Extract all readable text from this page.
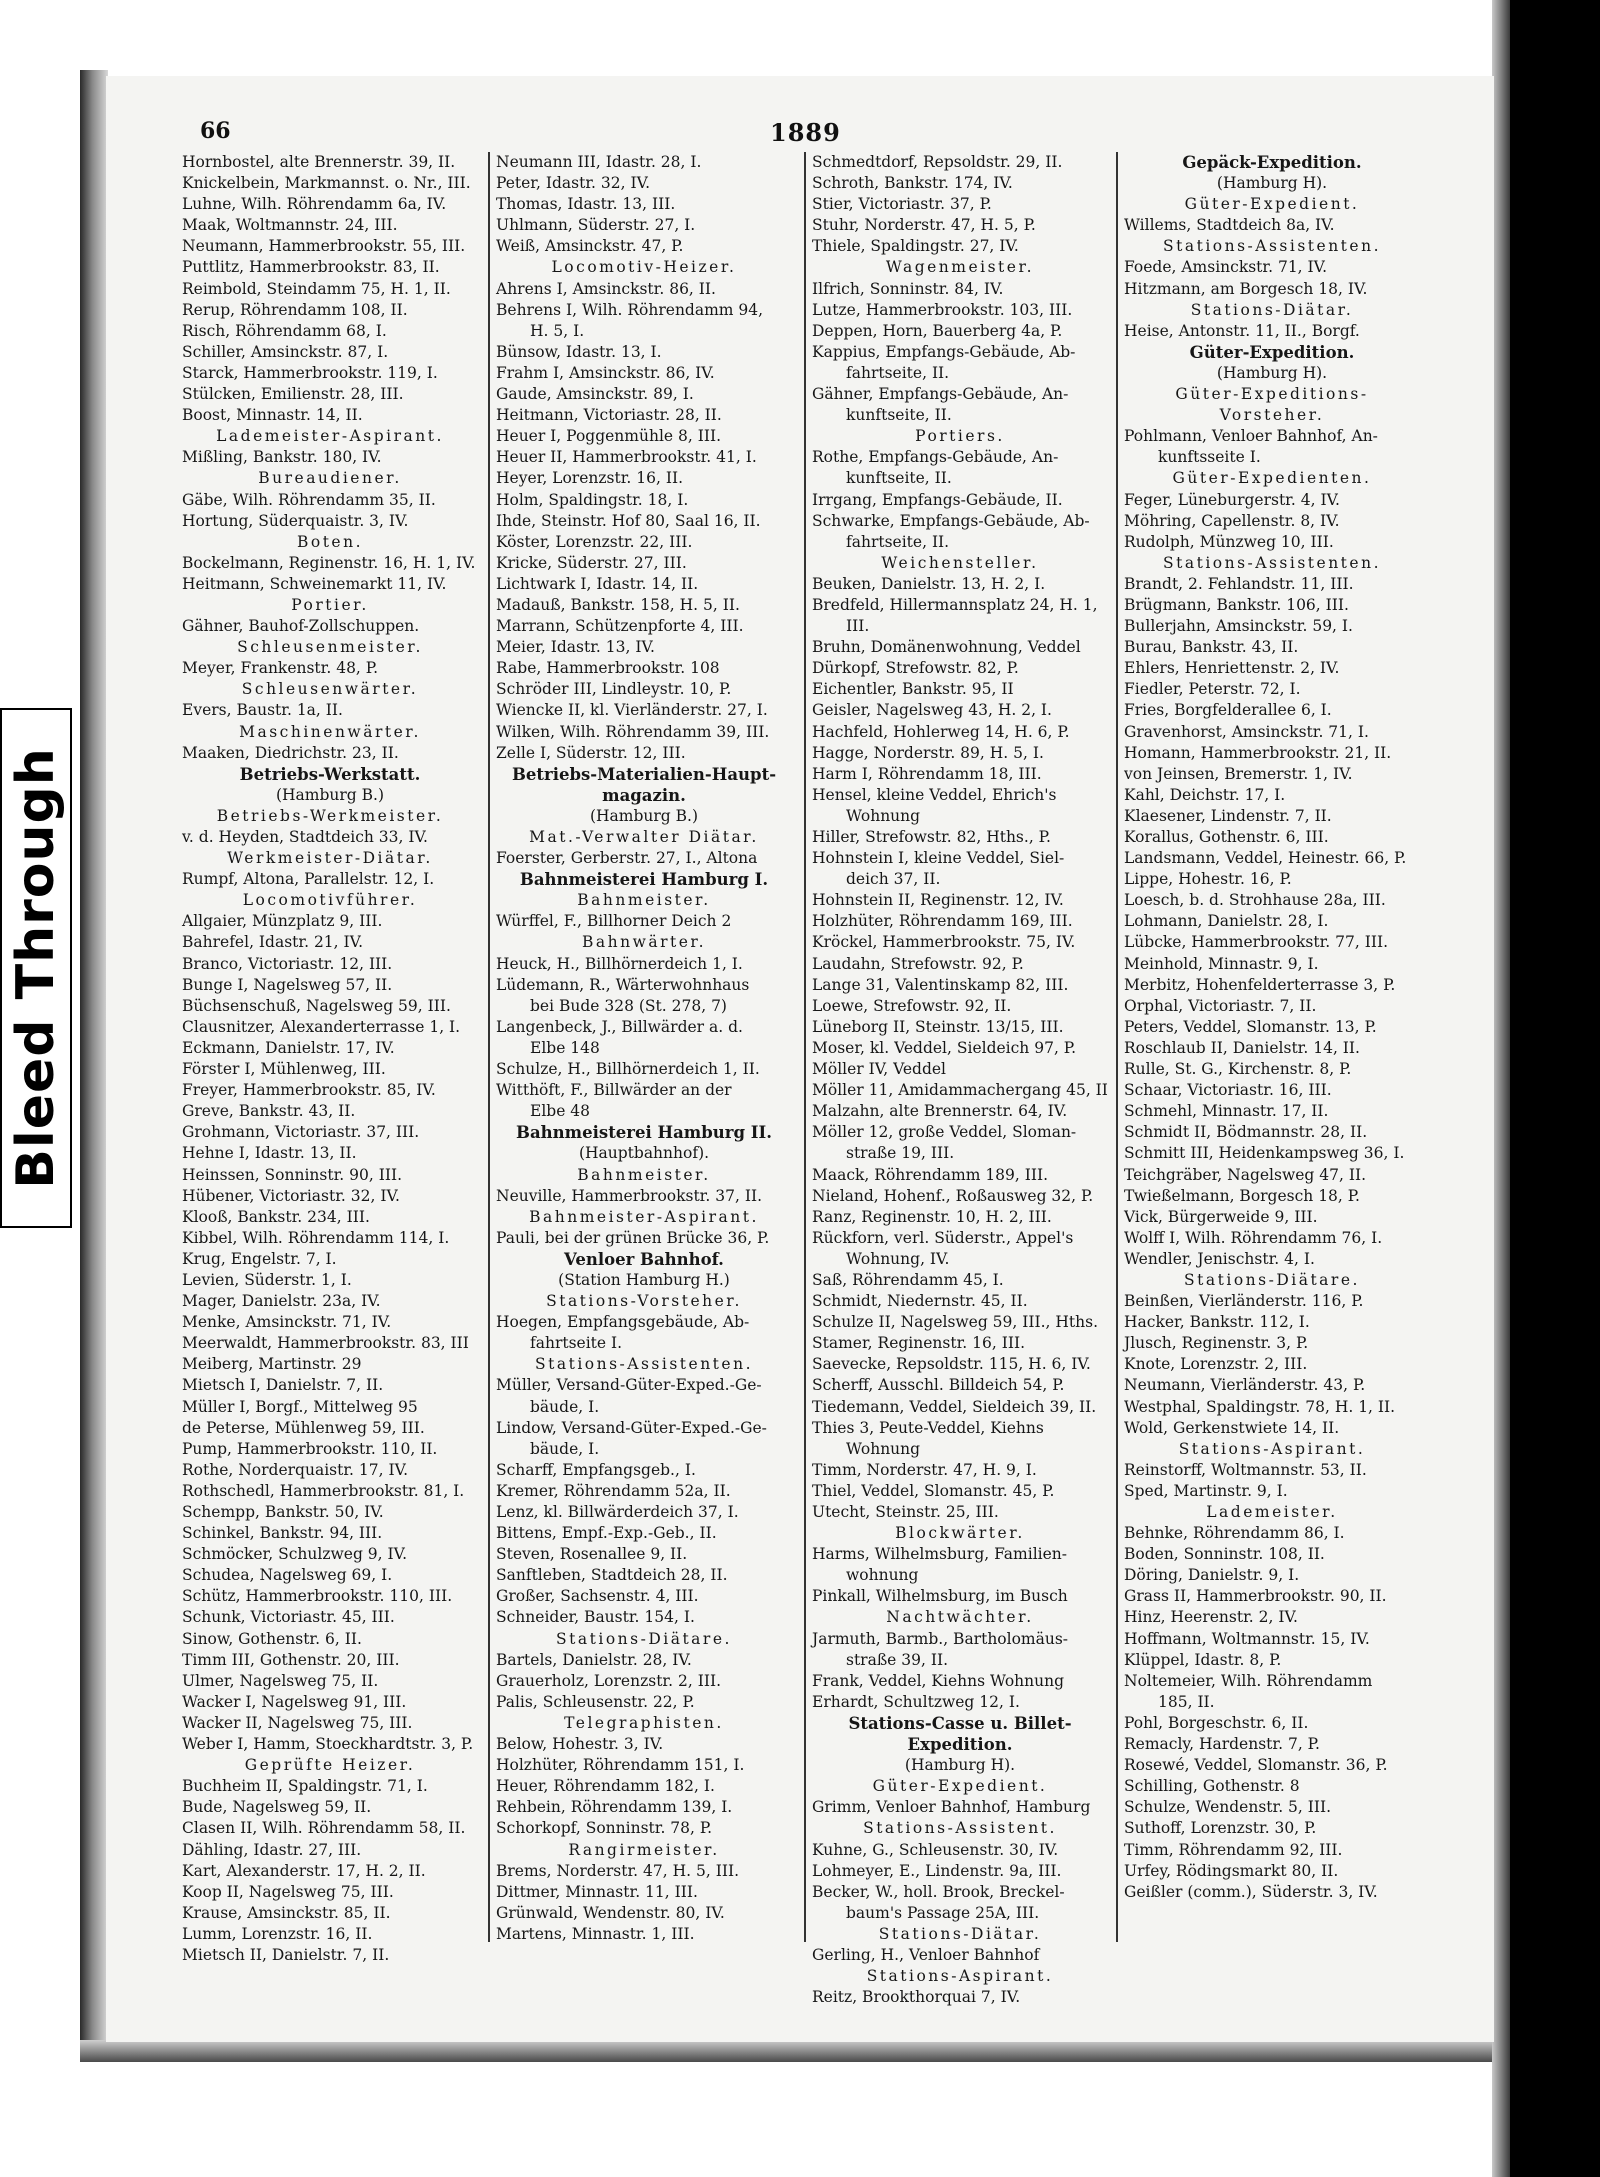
Bleed Through
66	1889
Hornbostel, alte Brennerstr. 39, II.
Knickelbein, Markmannst. o. Nr., III.
Luhne, Wilh. Röhrendamm 6a, IV.
Maak, Woltmannstr. 24, III.
Neumann, Hammerbrookstr. 55, III.
Puttlitz, Hammerbrookstr. 83, II.
Reimbold, Steindamm 75, H. 1, II.
Rerup, Röhrendamm 108, II.
Risch, Röhrendamm 68, I.
Schiller, Amsinckstr. 87, I.
Starck, Hammerbrookstr. 119, I.
Stülcken, Emilienstr. 28, III.
Boost, Minnastr. 14, II.
Lademeister-Aspirant.
Mißling, Bankstr. 180, IV.
Bureaudiener.
Gäbe, Wilh. Röhrendamm 35, II.
Hortung, Süderquaistr. 3, IV.
Boten.
Bockelmann, Reginenstr. 16, H. 1, IV.
Heitmann, Schweinemarkt 11, IV.
Portier.
Gähner, Bauhof-Zollschuppen.
Schleusenmeister.
Meyer, Frankenstr. 48, P.
Schleusenwärter.
Evers, Baustr. 1a, II.
Maschinenwärter.
Maaken, Diedrichstr. 23, II.
Betriebs-Werkstatt.
(Hamburg B.)
Betriebs-Werkmeister.
v. d. Heyden, Stadtdeich 33, IV.
Werkmeister-Diätar.
Rumpf, Altona, Parallelstr. 12, I.
Locomotivführer.
Allgaier, Münzplatz 9, III.
Bahrefel, Idastr. 21, IV.
Branco, Victoriastr. 12, III.
Bunge I, Nagelsweg 57, II.
Büchsenschuß, Nagelsweg 59, III.
Clausnitzer, Alexanderterrasse 1, I.
Eckmann, Danielstr. 17, IV.
Förster I, Mühlenweg, III.
Freyer, Hammerbrookstr. 85, IV.
Greve, Bankstr. 43, II.
Grohmann, Victoriastr. 37, III.
Hehne I, Idastr. 13, II.
Heinssen, Sonninstr. 90, III.
Hübener, Victoriastr. 32, IV.
Klooß, Bankstr. 234, III.
Kibbel, Wilh. Röhrendamm 114, I.
Krug, Engelstr. 7, I.
Levien, Süderstr. 1, I.
Mager, Danielstr. 23a, IV.
Menke, Amsinckstr. 71, IV.
Meerwaldt, Hammerbrookstr. 83, III
Meiberg, Martinstr. 29
Mietsch I, Danielstr. 7, II.
Müller I, Borgf., Mittelweg 95
de Peterse, Mühlenweg 59, III.
Pump, Hammerbrookstr. 110, II.
Rothe, Norderquaistr. 17, IV.
Rothschedl, Hammerbrookstr. 81, I.
Schempp, Bankstr. 50, IV.
Schinkel, Bankstr. 94, III.
Schmöcker, Schulzweg 9, IV.
Schudea, Nagelsweg 69, I.
Schütz, Hammerbrookstr. 110, III.
Schunk, Victoriastr. 45, III.
Sinow, Gothenstr. 6, II.
Timm III, Gothenstr. 20, III.
Ulmer, Nagelsweg 75, II.
Wacker I, Nagelsweg 91, III.
Wacker II, Nagelsweg 75, III.
Weber I, Hamm, Stoeckhardtstr. 3, P.
Geprüfte Heizer.
Buchheim II, Spaldingstr. 71, I.
Bude, Nagelsweg 59, II.
Clasen II, Wilh. Röhrendamm 58, II.
Dähling, Idastr. 27, III.
Kart, Alexanderstr. 17, H. 2, II.
Koop II, Nagelsweg 75, III.
Krause, Amsinckstr. 85, II.
Lumm, Lorenzstr. 16, II.
Mietsch II, Danielstr. 7, II.
Neumann III, Idastr. 28, I.
Peter, Idastr. 32, IV.
Thomas, Idastr. 13, III.
Uhlmann, Süderstr. 27, I.
Weiß, Amsinckstr. 47, P.
Locomotiv-Heizer.
Ahrens I, Amsinckstr. 86, II.
Behrens I, Wilh. Röhrendamm 94,
H. 5, I.
Bünsow, Idastr. 13, I.
Frahm I, Amsinckstr. 86, IV.
Gaude, Amsinckstr. 89, I.
Heitmann, Victoriastr. 28, II.
Heuer I, Poggenmühle 8, III.
Heuer II, Hammerbrookstr. 41, I.
Heyer, Lorenzstr. 16, II.
Holm, Spaldingstr. 18, I.
Ihde, Steinstr. Hof 80, Saal 16, II.
Köster, Lorenzstr. 22, III.
Kricke, Süderstr. 27, III.
Lichtwark I, Idastr. 14, II.
Madauß, Bankstr. 158, H. 5, II.
Marrann, Schützenpforte 4, III.
Meier, Idastr. 13, IV.
Rabe, Hammerbrookstr. 108
Schröder III, Lindleystr. 10, P.
Wiencke II, kl. Vierländerstr. 27, I.
Wilken, Wilh. Röhrendamm 39, III.
Zelle I, Süderstr. 12, III.
Betriebs-Materialien-Haupt-
magazin.
(Hamburg B.)
Mat.-Verwalter Diätar.
Foerster, Gerberstr. 27, I., Altona
Bahnmeisterei Hamburg I.
Bahnmeister.
Würffel, F., Billhorner Deich 2
Bahnwärter.
Heuck, H., Billhörnerdeich 1, I.
Lüdemann, R., Wärterwohnhaus
bei Bude 328 (St. 278, 7)
Langenbeck, J., Billwärder a. d.
Elbe 148
Schulze, H., Billhörnerdeich 1, II.
Witthöft, F., Billwärder an der
Elbe 48
Bahnmeisterei Hamburg II.
(Hauptbahnhof).
Bahnmeister.
Neuville, Hammerbrookstr. 37, II.
Bahnmeister-Aspirant.
Pauli, bei der grünen Brücke 36, P.
Venloer Bahnhof.
(Station Hamburg H.)
Stations-Vorsteher.
Hoegen, Empfangsgebäude, Ab-
fahrtseite I.
Stations-Assistenten.
Müller, Versand-Güter-Exped.-Ge-
bäude, I.
Lindow, Versand-Güter-Exped.-Ge-
bäude, I.
Scharff, Empfangsgeb., I.
Kremer, Röhrendamm 52a, II.
Lenz, kl. Billwärderdeich 37, I.
Bittens, Empf.-Exp.-Geb., II.
Steven, Rosenallee 9, II.
Sanftleben, Stadtdeich 28, II.
Großer, Sachsenstr. 4, III.
Schneider, Baustr. 154, I.
Stations-Diätare.
Bartels, Danielstr. 28, IV.
Grauerholz, Lorenzstr. 2, III.
Palis, Schleusenstr. 22, P.
Telegraphisten.
Below, Hohestr. 3, IV.
Holzhüter, Röhrendamm 151, I.
Heuer, Röhrendamm 182, I.
Rehbein, Röhrendamm 139, I.
Schorkopf, Sonninstr. 78, P.
Rangirmeister.
Brems, Norderstr. 47, H. 5, III.
Dittmer, Minnastr. 11, III.
Grünwald, Wendenstr. 80, IV.
Martens, Minnastr. 1, III.
Schmedtdorf, Repsoldstr. 29, II.
Schroth, Bankstr. 174, IV.
Stier, Victoriastr. 37, P.
Stuhr, Norderstr. 47, H. 5, P.
Thiele, Spaldingstr. 27, IV.
Wagenmeister.
Ilfrich, Sonninstr. 84, IV.
Lutze, Hammerbrookstr. 103, III.
Deppen, Horn, Bauerberg 4a, P.
Kappius, Empfangs-Gebäude, Ab-
fahrtseite, II.
Gähner, Empfangs-Gebäude, An-
kunftseite, II.
Portiers.
Rothe, Empfangs-Gebäude, An-
kunftseite, II.
Irrgang, Empfangs-Gebäude, II.
Schwarke, Empfangs-Gebäude, Ab-
fahrtseite, II.
Weichensteller.
Beuken, Danielstr. 13, H. 2, I.
Bredfeld, Hillermannsplatz 24, H. 1,
III.
Bruhn, Domänenwohnung, Veddel
Dürkopf, Strefowstr. 82, P.
Eichentler, Bankstr. 95, II
Geisler, Nagelsweg 43, H. 2, I.
Hachfeld, Hohlerweg 14, H. 6, P.
Hagge, Norderstr. 89, H. 5, I.
Harm I, Röhrendamm 18, III.
Hensel, kleine Veddel, Ehrich's
Wohnung
Hiller, Strefowstr. 82, Hths., P.
Hohnstein I, kleine Veddel, Siel-
deich 37, II.
Hohnstein II, Reginenstr. 12, IV.
Holzhüter, Röhrendamm 169, III.
Kröckel, Hammerbrookstr. 75, IV.
Laudahn, Strefowstr. 92, P.
Lange 31, Valentinskamp 82, III.
Loewe, Strefowstr. 92, II.
Lüneborg II, Steinstr. 13/15, III.
Moser, kl. Veddel, Sieldeich 97, P.
Möller IV, Veddel
Möller 11, Amidammachergang 45, II
Malzahn, alte Brennerstr. 64, IV.
Möller 12, große Veddel, Sloman-
straße 19, III.
Maack, Röhrendamm 189, III.
Nieland, Hohenf., Roßausweg 32, P.
Ranz, Reginenstr. 10, H. 2, III.
Rückforn, verl. Süderstr., Appel's
Wohnung, IV.
Saß, Röhrendamm 45, I.
Schmidt, Niedernstr. 45, II.
Schulze II, Nagelsweg 59, III., Hths.
Stamer, Reginenstr. 16, III.
Saevecke, Repsoldstr. 115, H. 6, IV.
Scherff, Ausschl. Billdeich 54, P.
Tiedemann, Veddel, Sieldeich 39, II.
Thies 3, Peute-Veddel, Kiehns
Wohnung
Timm, Norderstr. 47, H. 9, I.
Thiel, Veddel, Slomanstr. 45, P.
Utecht, Steinstr. 25, III.
Blockwärter.
Harms, Wilhelmsburg, Familien-
wohnung
Pinkall, Wilhelmsburg, im Busch
Nachtwächter.
Jarmuth, Barmb., Bartholomäus-
straße 39, II.
Frank, Veddel, Kiehns Wohnung
Erhardt, Schultzweg 12, I.
Stations-Casse u. Billet-
Expedition.
(Hamburg H).
Güter-Expedient.
Grimm, Venloer Bahnhof, Hamburg
Stations-Assistent.
Kuhne, G., Schleusenstr. 30, IV.
Lohmeyer, E., Lindenstr. 9a, III.
Becker, W., holl. Brook, Breckel-
baum's Passage 25A, III.
Stations-Diätar.
Gerling, H., Venloer Bahnhof
Stations-Aspirant.
Reitz, Brookthorquai 7, IV.
Gepäck-Expedition.
(Hamburg H).
Güter-Expedient.
Willems, Stadtdeich 8a, IV.
Stations-Assistenten.
Foede, Amsinckstr. 71, IV.
Hitzmann, am Borgesch 18, IV.
Stations-Diätar.
Heise, Antonstr. 11, II., Borgf.
Güter-Expedition.
(Hamburg H).
Güter-Expeditions-
Vorsteher.
Pohlmann, Venloer Bahnhof, An-
kunftsseite I.
Güter-Expedienten.
Feger, Lüneburgerstr. 4, IV.
Möhring, Capellenstr. 8, IV.
Rudolph, Münzweg 10, III.
Stations-Assistenten.
Brandt, 2. Fehlandstr. 11, III.
Brügmann, Bankstr. 106, III.
Bullerjahn, Amsinckstr. 59, I.
Burau, Bankstr. 43, II.
Ehlers, Henriettenstr. 2, IV.
Fiedler, Peterstr. 72, I.
Fries, Borgfelderallee 6, I.
Gravenhorst, Amsinckstr. 71, I.
Homann, Hammerbrookstr. 21, II.
von Jeinsen, Bremerstr. 1, IV.
Kahl, Deichstr. 17, I.
Klaesener, Lindenstr. 7, II.
Korallus, Gothenstr. 6, III.
Landsmann, Veddel, Heinestr. 66, P.
Lippe, Hohestr. 16, P.
Loesch, b. d. Strohhause 28a, III.
Lohmann, Danielstr. 28, I.
Lübcke, Hammerbrookstr. 77, III.
Meinhold, Minnastr. 9, I.
Merbitz, Hohenfelderterrasse 3, P.
Orphal, Victoriastr. 7, II.
Peters, Veddel, Slomanstr. 13, P.
Roschlaub II, Danielstr. 14, II.
Rulle, St. G., Kirchenstr. 8, P.
Schaar, Victoriastr. 16, III.
Schmehl, Minnastr. 17, II.
Schmidt II, Bödmannstr. 28, II.
Schmitt III, Heidenkampsweg 36, I.
Teichgräber, Nagelsweg 47, II.
Twießelmann, Borgesch 18, P.
Vick, Bürgerweide 9, III.
Wolff I, Wilh. Röhrendamm 76, I.
Wendler, Jenischstr. 4, I.
Stations-Diätare.
Beinßen, Vierländerstr. 116, P.
Hacker, Bankstr. 112, I.
Jlusch, Reginenstr. 3, P.
Knote, Lorenzstr. 2, III.
Neumann, Vierländerstr. 43, P.
Westphal, Spaldingstr. 78, H. 1, II.
Wold, Gerkenstwiete 14, II.
Stations-Aspirant.
Reinstorff, Woltmannstr. 53, II.
Sped, Martinstr. 9, I.
Lademeister.
Behnke, Röhrendamm 86, I.
Boden, Sonninstr. 108, II.
Döring, Danielstr. 9, I.
Grass II, Hammerbrookstr. 90, II.
Hinz, Heerenstr. 2, IV.
Hoffmann, Woltmannstr. 15, IV.
Klüppel, Idastr. 8, P.
Noltemeier, Wilh. Röhrendamm
185, II.
Pohl, Borgeschstr. 6, II.
Remacly, Hardenstr. 7, P.
Rosewé, Veddel, Slomanstr. 36, P.
Schilling, Gothenstr. 8
Schulze, Wendenstr. 5, III.
Suthoff, Lorenzstr. 30, P.
Timm, Röhrendamm 92, III.
Urfey, Rödingsmarkt 80, II.
Geißler (comm.), Süderstr. 3, IV.
